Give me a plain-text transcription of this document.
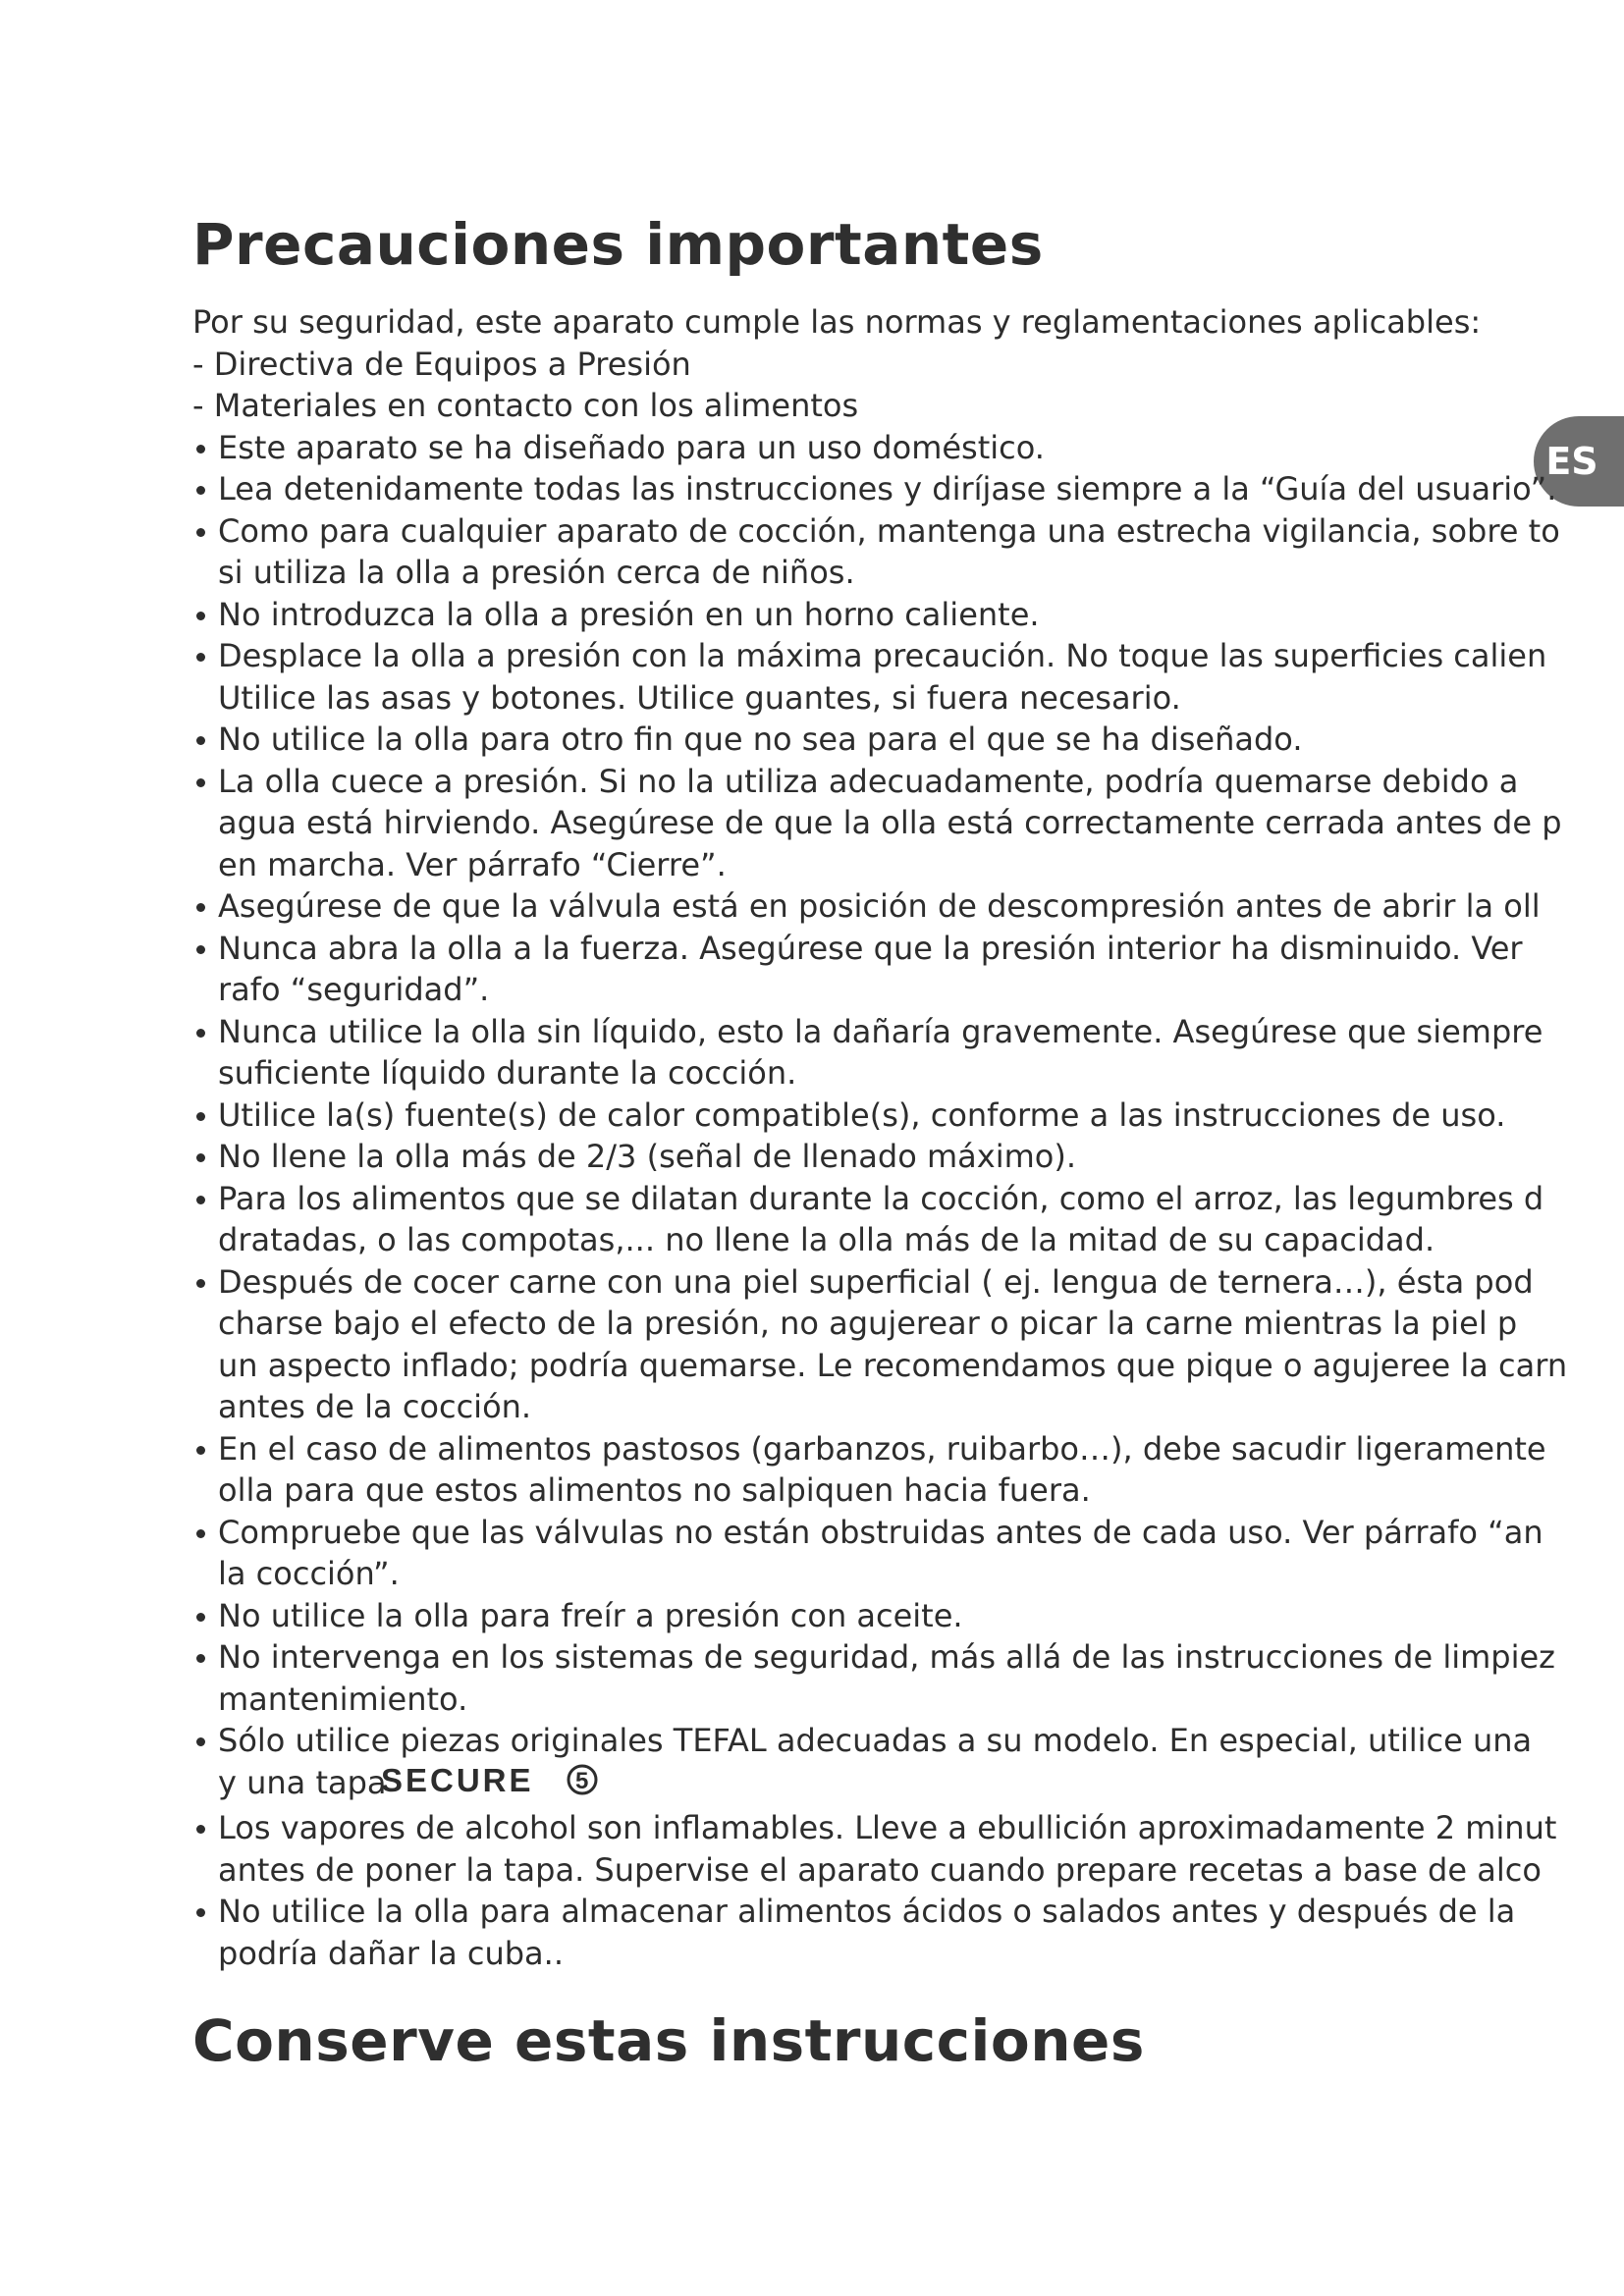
Precauciones importantes
ES
Por su seguridad, este aparato cumple las normas y reglamentaciones aplicables:
- Directiva de Equipos a Presión
- Materiales en contacto con los alimentos
Este aparato se ha diseñado para un uso doméstico.
Lea detenidamente todas las instrucciones y diríjase siempre a la “Guía del usuario”.
Como para cualquier aparato de cocción, mantenga una estrecha vigilancia, sobre to
si utiliza la olla a presión cerca de niños.
No introduzca la olla a presión en un horno caliente.
Desplace la olla a presión con la máxima precaución. No toque las superficies calien
Utilice las asas y botones. Utilice guantes, si fuera necesario.
No utilice la olla para otro fin que no sea para el que se ha diseñado.
La olla cuece a presión. Si no la utiliza adecuadamente, podría quemarse debido a
agua está hirviendo. Asegúrese de que la olla está correctamente cerrada antes de p
en marcha. Ver párrafo “Cierre”.
Asegúrese de que la válvula está en posición de descompresión antes de abrir la oll
Nunca abra la olla a la fuerza. Asegúrese que la presión interior ha disminuido. Ver
rafo “seguridad”.
Nunca utilice la olla sin líquido, esto la dañaría gravemente. Asegúrese que siempre
suficiente líquido durante la cocción.
Utilice la(s) fuente(s) de calor compatible(s), conforme a las instrucciones de uso.
No llene la olla más de 2/3 (señal de llenado máximo).
Para los alimentos que se dilatan durante la cocción, como el arroz, las legumbres d
dratadas, o las compotas,... no llene la olla más de la mitad de su capacidad.
Después de cocer carne con una piel superficial ( ej. lengua de ternera…), ésta pod
charse bajo el efecto de la presión, no agujerear o picar la carne mientras la piel p
un aspecto inflado; podría quemarse. Le recomendamos que pique o agujeree la carn
antes de la cocción.
En el caso de alimentos pastosos (garbanzos, ruibarbo…), debe sacudir ligeramente
olla para que estos alimentos no salpiquen hacia fuera.
Compruebe que las válvulas no están obstruidas antes de cada uso. Ver párrafo “an
la cocción”.
No utilice la olla para freír a presión con aceite.
No intervenga en los sistemas de seguridad, más allá de las instrucciones de limpiez
mantenimiento.
Sólo utilice piezas originales TEFAL adecuadas a su modelo. En especial, utilice una
y una tapa
SECURE 5
Los vapores de alcohol son inflamables. Lleve a ebullición aproximadamente 2 minut
antes de poner la tapa. Supervise el aparato cuando prepare recetas a base de alco
No utilice la olla para almacenar alimentos ácidos o salados antes y después de la
podría dañar la cuba..
Conserve estas instrucciones
